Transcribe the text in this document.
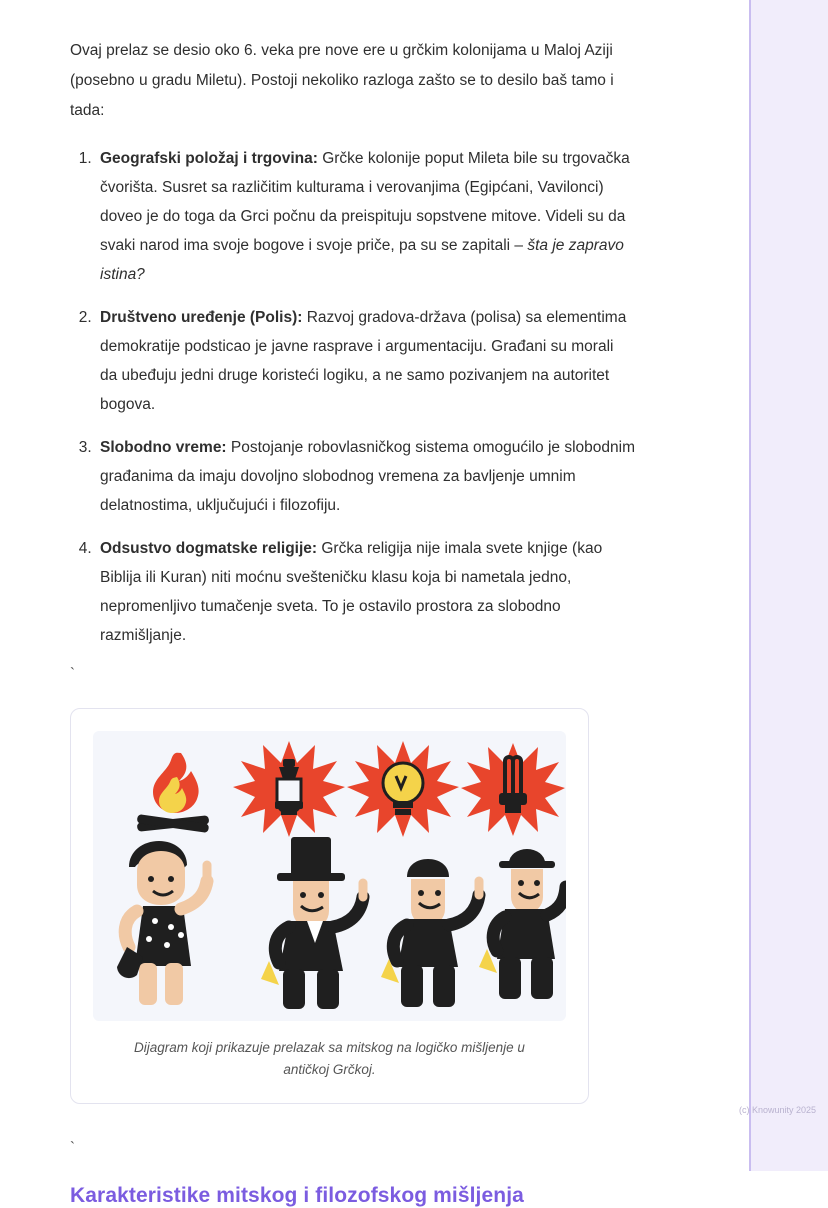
Ovaj prelaz se desio oko 6. veka pre nove ere u grčkim kolonijama u Maloj Aziji (posebno u gradu Miletu). Postoji nekoliko razloga zašto se to desilo baš tamo i tada:

1. Geografski položaj i trgovina: Grčke kolonije poput Mileta bile su trgovačka čvorišta. Susret sa različitim kulturama i verovanjima (Egipćani, Vavilonci) doveo je do toga da Grci počnu da preispituju sopstvene mitove. Videli su da svaki narod ima svoje bogove i svoje priče, pa su se zapitali – šta je zapravo istina?
2. Društveno uređenje (Polis): Razvoj gradova-država (polisa) sa elementima demokratije podsticao je javne rasprave i argumentaciju. Građani su morali da ubeđuju jedni druge koristeći logiku, a ne samo pozivanjem na autoritet bogova.
3. Slobodno vreme: Postojanje robovlasničkog sistema omogućilo je slobodnim građanima da imaju dovoljno slobodnog vremena za bavljenje umnim delatnostima, uključujući i filozofiju.
4. Odsustvo dogmatske religije: Grčka religija nije imala svete knjige (kao Biblija ili Kuran) niti moćnu svešteničku klasu koja bi nametala jedno, nepromenljivo tumačenje sveta. To je ostavilo prostora za slobodno razmišljanje.

`

Dijagram koji prikazuje prelazak sa mitskog na logičko mišljenje u antičkoj Grčkoj.

`

Karakteristike mitskog i filozofskog mišljenja
(c) Knowunity 2025
